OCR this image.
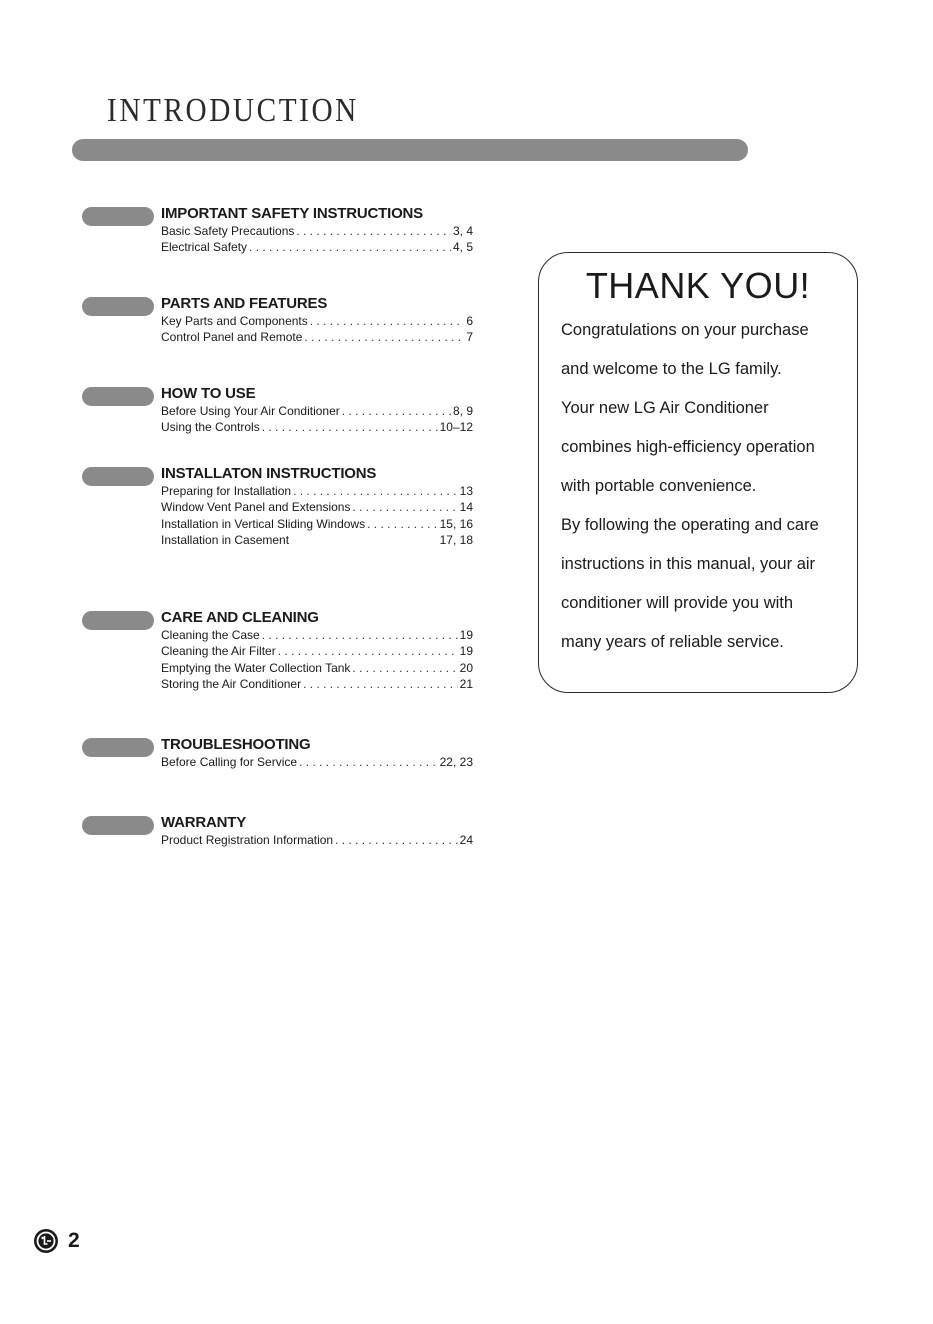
INTRODUCTION
IMPORTANT SAFETY INSTRUCTIONS
Basic Safety Precautions . . .	3, 4
Electrical Safety . . .	4, 5
PARTS AND FEATURES
Key Parts and Components . . .	6
Control Panel and Remote . . .	7
HOW TO USE
Before Using Your Air Conditioner . . .	8, 9
Using the Controls . . .	10–12
INSTALLATON INSTRUCTIONS
Preparing for Installation . . .	13
Window Vent Panel and Extensions . . .	14
Installation in Vertical Sliding Windows . . .	15, 16
Installation in Casement	17, 18
CARE AND CLEANING
Cleaning the Case . . .	19
Cleaning the Air Filter . . .	19
Emptying the Water Collection Tank . . .	20
Storing the Air Conditioner . . .	21
TROUBLESHOOTING
Before Calling for Service . . .	22, 23
WARRANTY
Product Registration Information . . .	24
THANK YOU!
Congratulations on your purchase
and welcome to the LG family.
Your new LG Air Conditioner
combines high-efficiency operation
with portable convenience.
By following the operating and care
instructions in this manual, your air
conditioner will provide you with
many years of reliable service.
2
